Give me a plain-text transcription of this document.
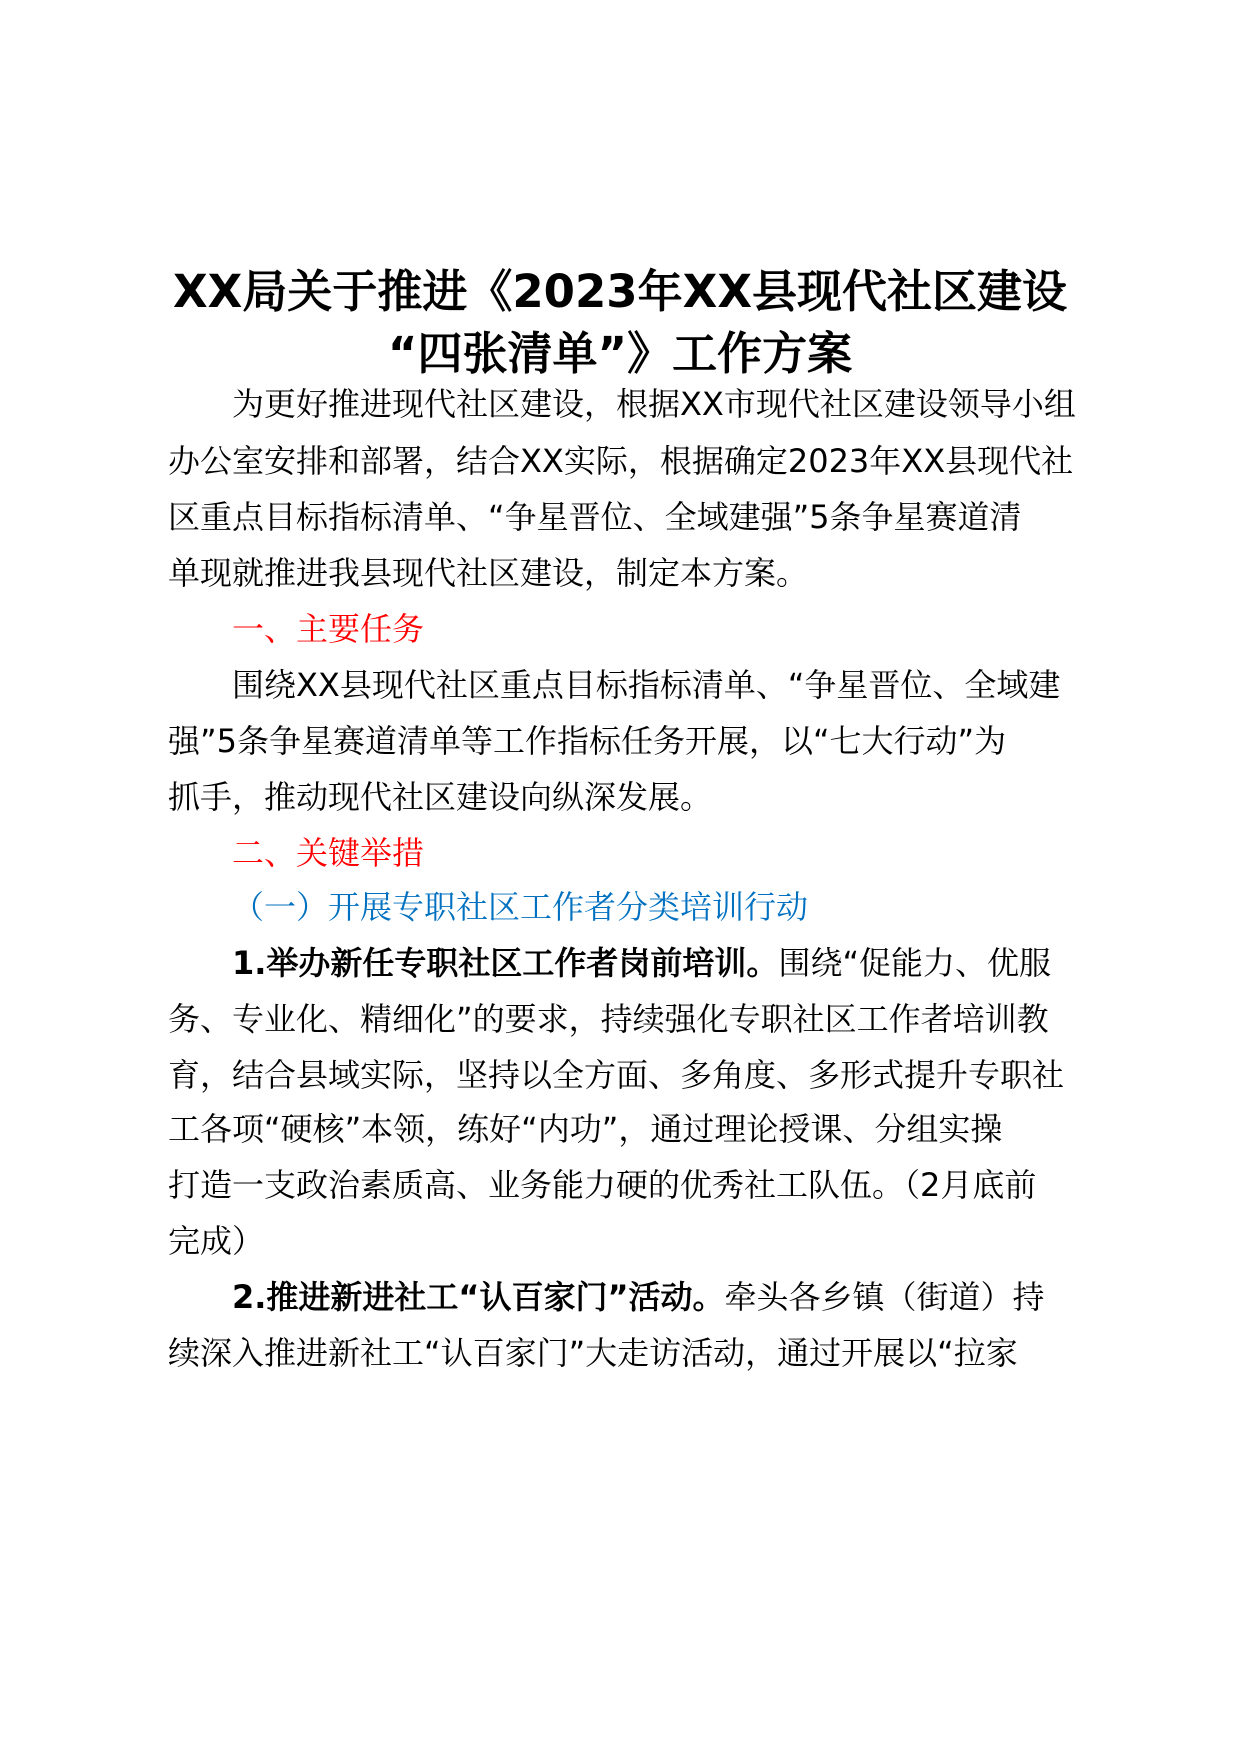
XX局关于推进《2023年XX县现代社区建设
“四张清单”》工作方案
为更好推进现代社区建设，根据XX市现代社区建设领导小组
办公室安排和部署，结合XX实际，根据确定2023年XX县现代社
区重点目标指标清单、“争星晋位、全域建强”5条争星赛道清
单现就推进我县现代社区建设，制定本方案。
一、主要任务
围绕XX县现代社区重点目标指标清单、“争星晋位、全域建
强”5条争星赛道清单等工作指标任务开展，以“七大行动”为
抓手，推动现代社区建设向纵深发展。
二、关键举措
（一）开展专职社区工作者分类培训行动
1.举办新任专职社区工作者岗前培训。围绕“促能力、优服
务、专业化、精细化”的要求，持续强化专职社区工作者培训教
育，结合县域实际，坚持以全方面、多角度、多形式提升专职社
工各项“硬核”本领，练好“内功”，通过理论授课、分组实操
打造一支政治素质高、业务能力硬的优秀社工队伍。（2月底前
完成）
2.推进新进社工“认百家门”活动。牵头各乡镇（街道）持
续深入推进新社工“认百家门”大走访活动，通过开展以“拉家
